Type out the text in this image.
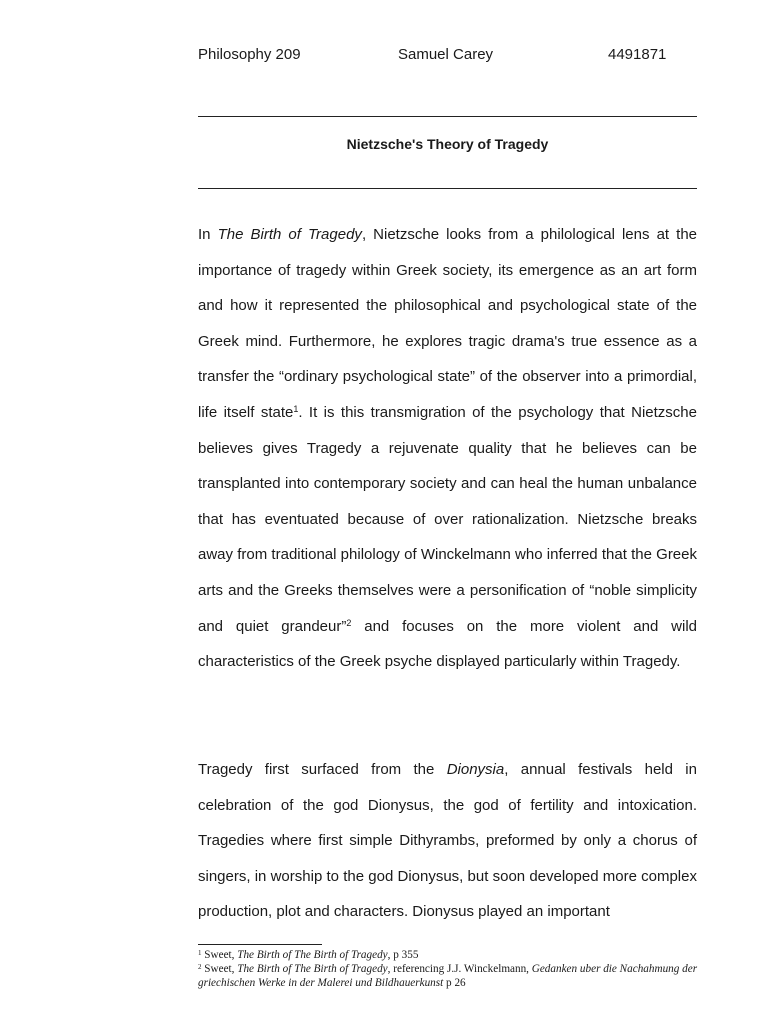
Philosophy 209	Samuel Carey	4491871
Nietzsche's Theory of Tragedy

In The Birth of Tragedy, Nietzsche looks from a philological lens at the importance of tragedy within Greek society, its emergence as an art form and how it represented the philosophical and psychological state of the Greek mind. Furthermore, he explores tragic drama's true essence as a transfer the “ordinary psychological state” of the observer into a primordial, life itself state$^1$. It is this transmigration of the psychology that Nietzsche believes gives Tragedy a rejuvenate quality that he believes can be transplanted into contemporary society and can heal the human unbalance that has eventuated because of over rationalization. Nietzsche breaks away from traditional philology of Winckelmann who inferred that the Greek arts and the Greeks themselves were a personification of “noble simplicity and quiet grandeur”$^2$ and focuses on the more violent and wild characteristics of the Greek psyche displayed particularly within Tragedy.

Tragedy first surfaced from the Dionysia, annual festivals held in celebration of the god Dionysus, the god of fertility and intoxication. Tragedies where first simple Dithyrambs, preformed by only a chorus of singers, in worship to the god Dionysus, but soon developed more complex production, plot and characters. Dionysus played an important

$^1$ Sweet, The Birth of The Birth of Tragedy, p 355

$^2$ Sweet, The Birth of The Birth of Tragedy, referencing J.J. Winckelmann, Gedanken uber die Nachahmung der griechischen Werke in der Malerei und Bildhauerkunst p 26
